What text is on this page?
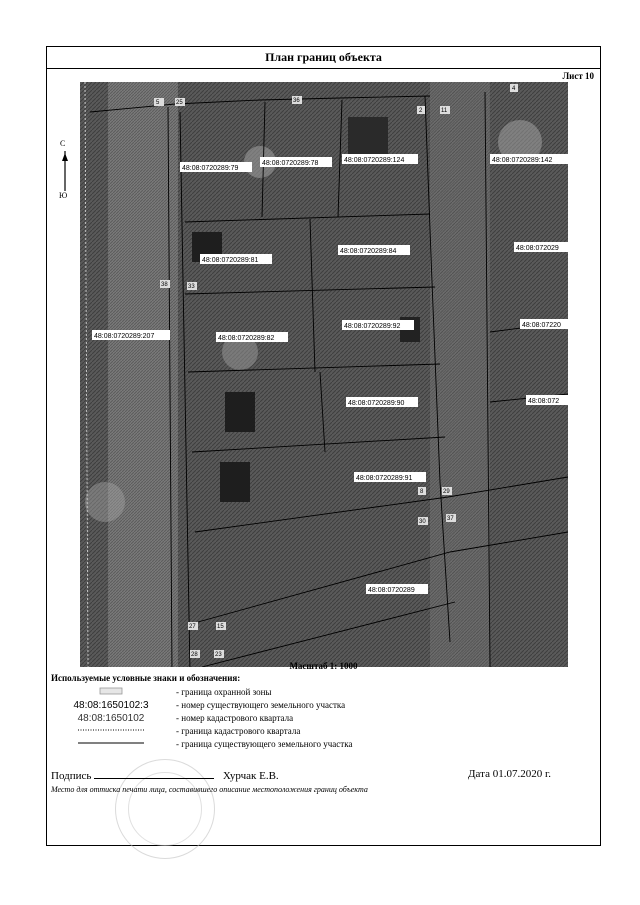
План границ объекта
Лист 10
С
Ю
48:08:0720289:79
48:08:0720289:78	48:08:0720289:124	48:08:0720289:142
48:08:0720289:81
48:08:0720289:84	48:08:072029
48:08:0720289:207	48:08:0720289:82
48:08:0720289:92	48:08:07220
48:08:0720289:90	48:08:072
48:08:0720289:91
48:08:0720289
5	25	36
2	11
4
38	33
8	29
30	37
27	15
28	23
Масштаб 1: 1000
Используемые условные знаки и обозначения:
- граница охранной зоны
48:08:1650102:3	- номер существующего земельного участка
48:08:1650102	- номер кадастрового квартала
- граница кадастрового квартала
- граница существующего земельного участка
Подпись	Хурчак Е.В.	Дата 01.07.2020 г.
Место для оттиска печати лица, составившего описание местоположения границ объекта
